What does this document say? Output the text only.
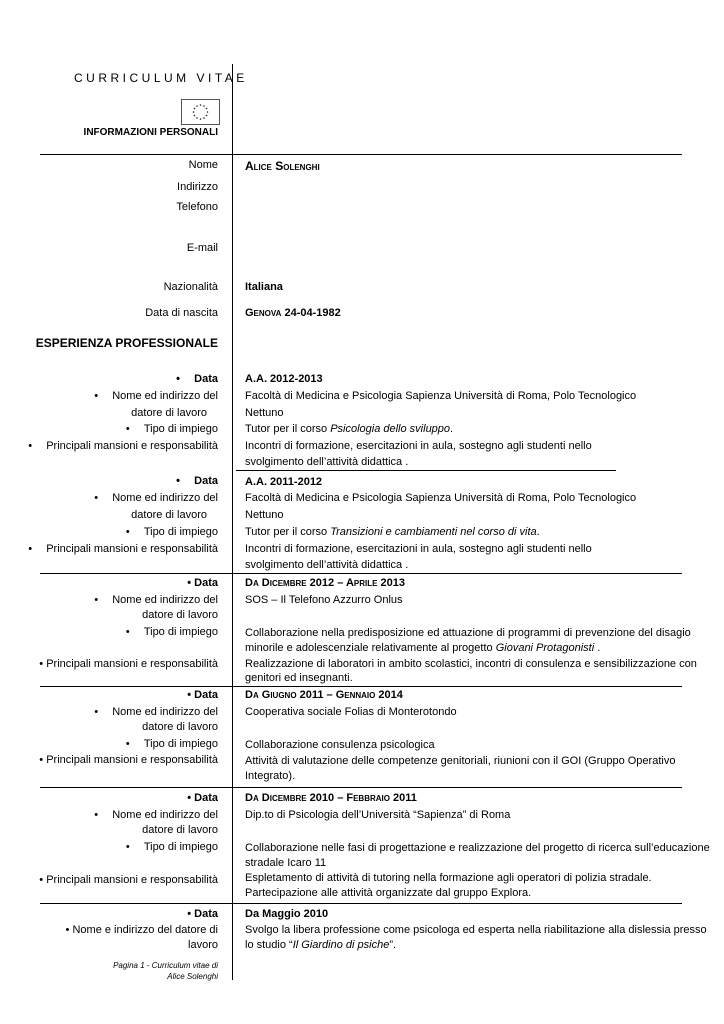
CURRICULUM VITAE
INFORMAZIONI PERSONALI
Nome Alice Solenghi
Indirizzo
Telefono
E-mail
Nazionalità Italiana
Data di nascita Genova 24-04-1982
ESPERIENZA PROFESSIONALE
• Data A.A. 2012-2013
• Nome ed indirizzo del
datore di lavoro
Facoltà di Medicina e Psicologia Sapienza Università di Roma, Polo Tecnologico
Nettuno
• Tipo di impiego Tutor per il corso Psicologia dello sviluppo.
• Principali mansioni e responsabilità Incontri di formazione, esercitazioni in aula, sostegno agli studenti nello
svolgimento dell’attività didattica .
• Data A.A. 2011-2012
• Nome ed indirizzo del
datore di lavoro
Facoltà di Medicina e Psicologia Sapienza Università di Roma, Polo Tecnologico
Nettuno
• Tipo di impiego Tutor per il corso Transizioni e cambiamenti nel corso di vita.
• Principali mansioni e responsabilità Incontri di formazione, esercitazioni in aula, sostegno agli studenti nello
svolgimento dell’attività didattica .
• Data Da Dicembre 2012 – Aprile 2013
• Nome ed indirizzo del
datore di lavoro
SOS – Il Telefono Azzurro Onlus
• Tipo di impiego Collaborazione nella predisposizione ed attuazione di programmi di prevenzione del disagio
minorile e adolescenziale relativamente al progetto Giovani Protagonisti .
• Principali mansioni e responsabilità Realizzazione di laboratori in ambito scolastici, incontri di consulenza e sensibilizzazione con
genitori ed insegnanti.
• Data Da Giugno 2011 – Gennaio 2014
• Nome ed indirizzo del
datore di lavoro
Cooperativa sociale Folias di Monterotondo
• Tipo di impiego Collaborazione consulenza psicologica
• Principali mansioni e responsabilità Attività di valutazione delle competenze genitoriali, riunioni con il GOI (Gruppo Operativo
Integrato).
• Data Da Dicembre 2010 – Febbraio 2011
• Nome ed indirizzo del
datore di lavoro
Dip.to di Psicologia dell’Università “Sapienza” di Roma
• Tipo di impiego Collaborazione nelle fasi di progettazione e realizzazione del progetto di ricerca sull’educazione
stradale Icaro 11
• Principali mansioni e responsabilità Espletamento di attività di tutoring nella formazione agli operatori di polizia stradale.
Partecipazione alle attività organizzate dal gruppo Explora.
• Data Da Maggio 2010
• Nome e indirizzo del datore di
lavoro
Svolgo la libera professione come psicologa ed esperta nella riabilitazione alla dislessia presso
lo studio “Il Giardino di psiche”.
Pagina 1 - Curriculum vitae di
Alice Solenghi
